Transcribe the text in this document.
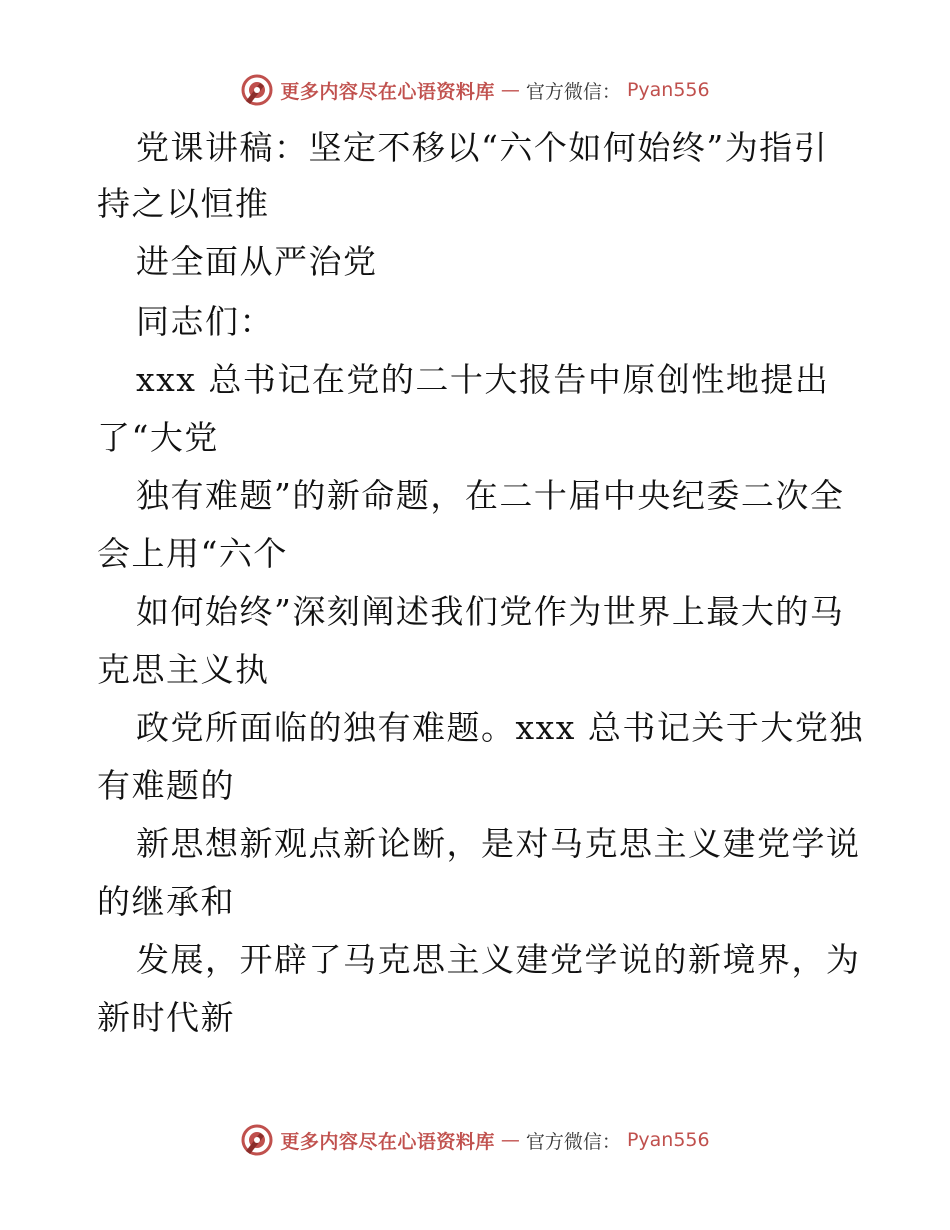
更多内容尽在心语资料库 — 官方微信： Pyan556
党课讲稿：坚定不移以“六个如何始终”为指引
持之以恒推
进全面从严治党
同志们：
xxx 总书记在党的二十大报告中原创性地提出
了“大党
独有难题”的新命题，在二十届中央纪委二次全
会上用“六个
如何始终”深刻阐述我们党作为世界上最大的马
克思主义执
政党所面临的独有难题。xxx 总书记关于大党独
有难题的
新思想新观点新论断，是对马克思主义建党学说
的继承和
发展，开辟了马克思主义建党学说的新境界，为
新时代新
更多内容尽在心语资料库 — 官方微信： Pyan556
